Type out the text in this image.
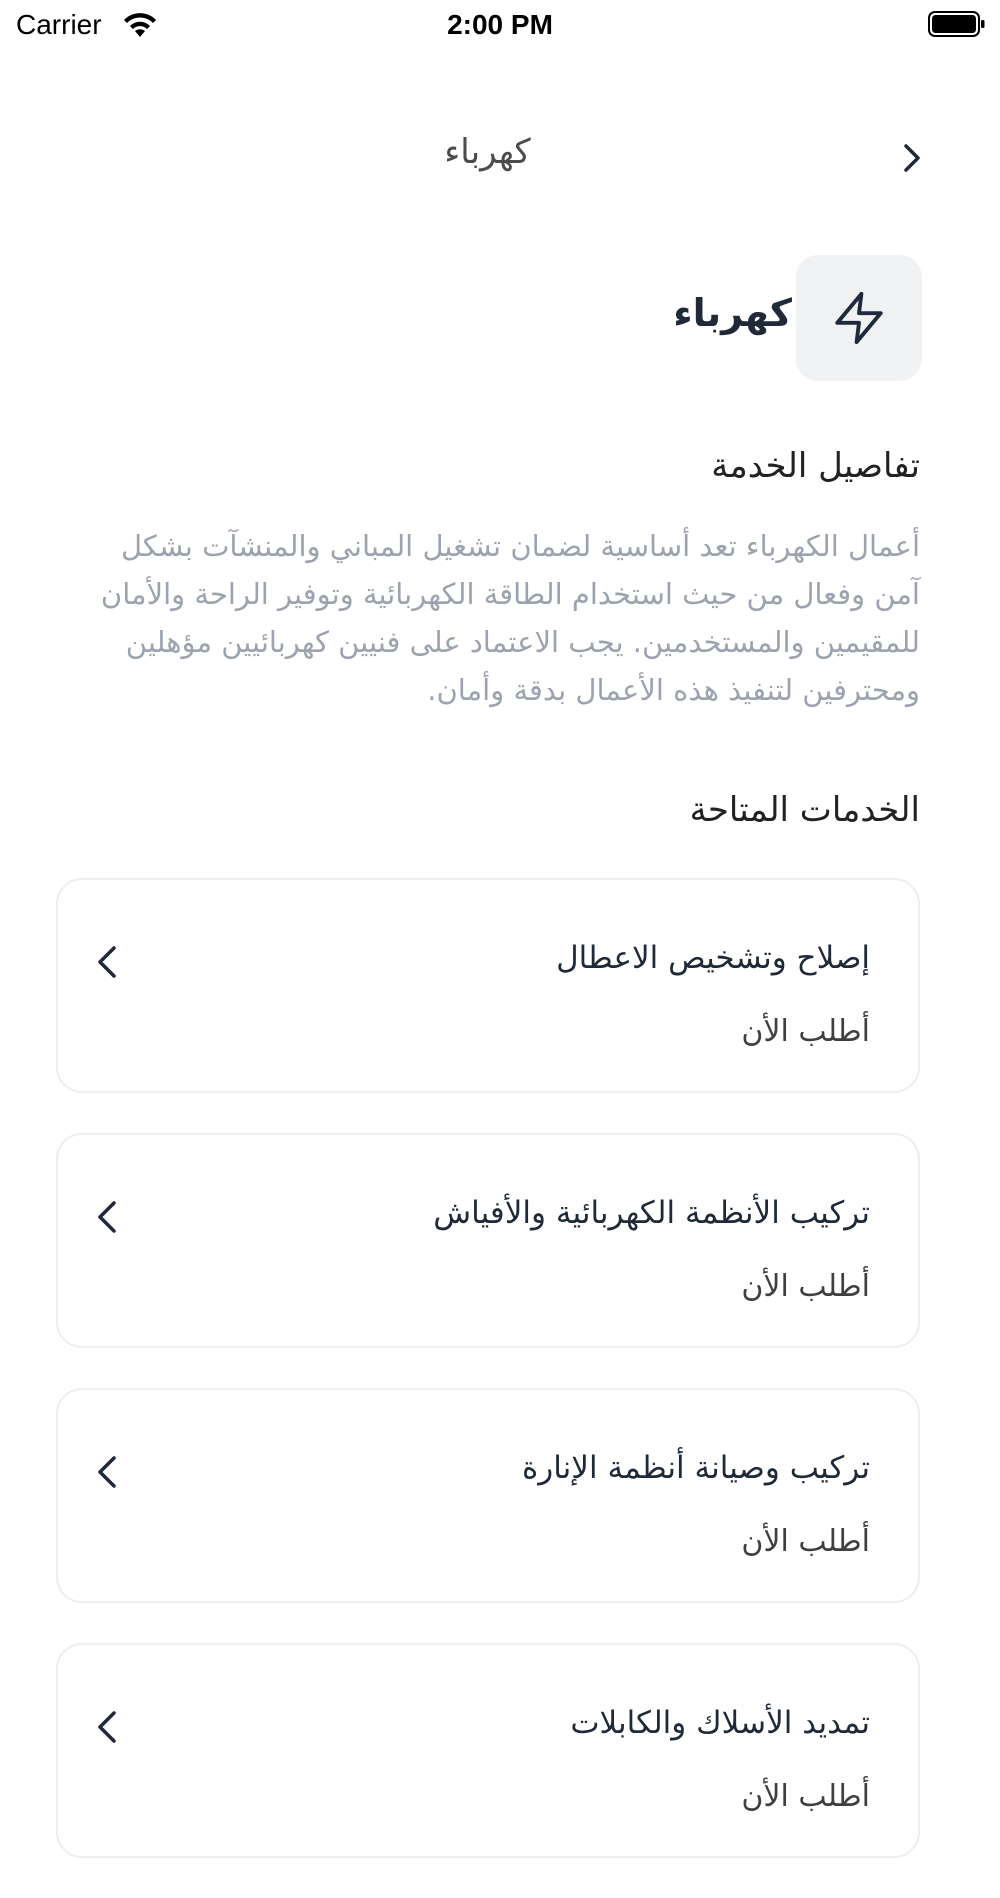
Carrier	2:00 PM
كهرباء
كهرباء
تفاصيل الخدمة

أعمال الكهرباء تعد أساسية لضمان تشغيل المباني والمنشآت بشكل آمن وفعال من حيث استخدام الطاقة الكهربائية وتوفير الراحة والأمان للمقيمين والمستخدمين. يجب الاعتماد على فنيين كهربائيين مؤهلين ومحترفين لتنفيذ هذه الأعمال بدقة وأمان.

الخدمات المتاحة
إصلاح وتشخيص الاعطال
أطلب الأن
تركيب الأنظمة الكهربائية والأفياش
أطلب الأن
تركيب وصيانة أنظمة الإنارة
أطلب الأن
تمديد الأسلاك والكابلات
أطلب الأن
